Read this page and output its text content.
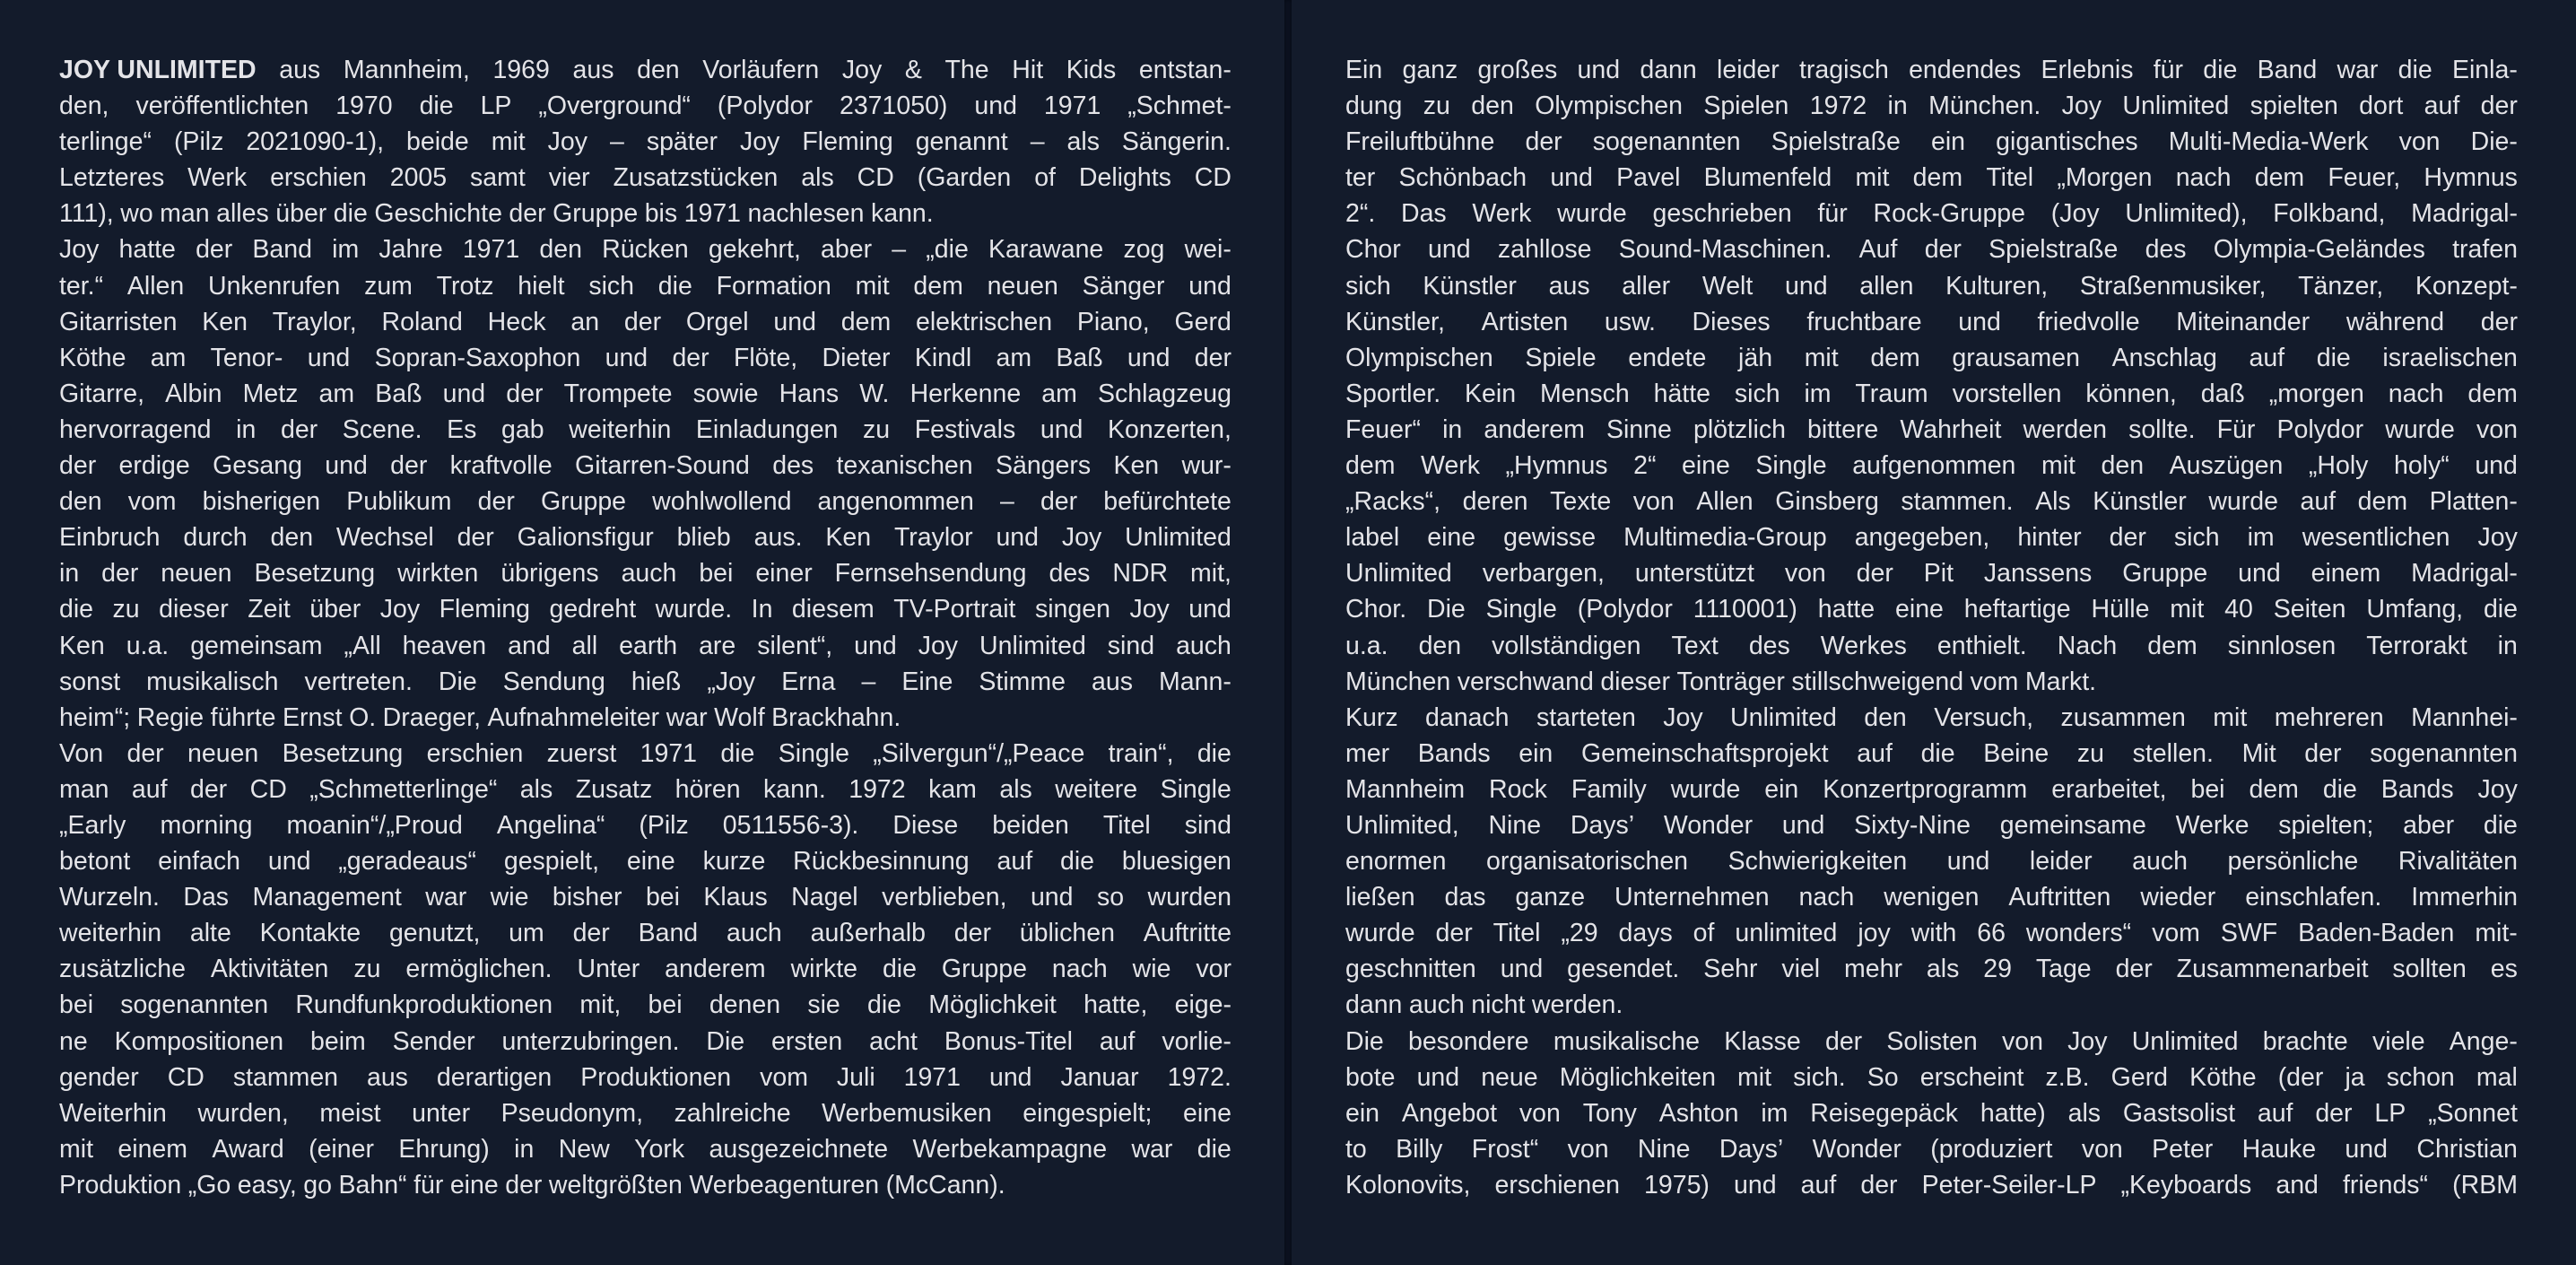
JOY UNLIMITED aus Mannheim, 1969 aus den Vorläufern Joy & The Hit Kids entstan-
den, veröffentlichten 1970 die LP „Overground“ (Polydor 2371050) und 1971 „Schmet-
terlinge“ (Pilz 2021090-1), beide mit Joy – später Joy Fleming genannt – als Sängerin.
Letzteres Werk erschien 2005 samt vier Zusatzstücken als CD (Garden of Delights CD
111), wo man alles über die Geschichte der Gruppe bis 1971 nachlesen kann.
Joy hatte der Band im Jahre 1971 den Rücken gekehrt, aber – „die Karawane zog wei-
ter.“ Allen Unkenrufen zum Trotz hielt sich die Formation mit dem neuen Sänger und
Gitarristen Ken Traylor, Roland Heck an der Orgel und dem elektrischen Piano, Gerd
Köthe am Tenor- und Sopran-Saxophon und der Flöte, Dieter Kindl am Baß und der
Gitarre, Albin Metz am Baß und der Trompete sowie Hans W. Herkenne am Schlagzeug
hervorragend in der Scene. Es gab weiterhin Einladungen zu Festivals und Konzerten,
der erdige Gesang und der kraftvolle Gitarren-Sound des texanischen Sängers Ken wur-
den vom bisherigen Publikum der Gruppe wohlwollend angenommen – der befürchtete
Einbruch durch den Wechsel der Galionsfigur blieb aus. Ken Traylor und Joy Unlimited
in der neuen Besetzung wirkten übrigens auch bei einer Fernsehsendung des NDR mit,
die zu dieser Zeit über Joy Fleming gedreht wurde. In diesem TV-Portrait singen Joy und
Ken u.a. gemeinsam „All heaven and all earth are silent“, und Joy Unlimited sind auch
sonst musikalisch vertreten. Die Sendung hieß „Joy Erna – Eine Stimme aus Mann-
heim“; Regie führte Ernst O. Draeger, Aufnahmeleiter war Wolf Brackhahn.
Von der neuen Besetzung erschien zuerst 1971 die Single „Silvergun“/„Peace train“, die
man auf der CD „Schmetterlinge“ als Zusatz hören kann. 1972 kam als weitere Single
„Early morning moanin“/„Proud Angelina“ (Pilz 0511556-3). Diese beiden Titel sind
betont einfach und „geradeaus“ gespielt, eine kurze Rückbesinnung auf die bluesigen
Wurzeln. Das Management war wie bisher bei Klaus Nagel verblieben, und so wurden
weiterhin alte Kontakte genutzt, um der Band auch außerhalb der üblichen Auftritte
zusätzliche Aktivitäten zu ermöglichen. Unter anderem wirkte die Gruppe nach wie vor
bei sogenannten Rundfunkproduktionen mit, bei denen sie die Möglichkeit hatte, eige-
ne Kompositionen beim Sender unterzubringen. Die ersten acht Bonus-Titel auf vorlie-
gender CD stammen aus derartigen Produktionen vom Juli 1971 und Januar 1972.
Weiterhin wurden, meist unter Pseudonym, zahlreiche Werbemusiken eingespielt; eine
mit einem Award (einer Ehrung) in New York ausgezeichnete Werbekampagne war die
Produktion „Go easy, go Bahn“ für eine der weltgrößten Werbeagenturen (McCann).
Ein ganz großes und dann leider tragisch endendes Erlebnis für die Band war die Einla-
dung zu den Olympischen Spielen 1972 in München. Joy Unlimited spielten dort auf der
Freiluftbühne der sogenannten Spielstraße ein gigantisches Multi-Media-Werk von Die-
ter Schönbach und Pavel Blumenfeld mit dem Titel „Morgen nach dem Feuer, Hymnus
2“. Das Werk wurde geschrieben für Rock-Gruppe (Joy Unlimited), Folkband, Madrigal-
Chor und zahllose Sound-Maschinen. Auf der Spielstraße des Olympia-Geländes trafen
sich Künstler aus aller Welt und allen Kulturen, Straßenmusiker, Tänzer, Konzept-
Künstler, Artisten usw. Dieses fruchtbare und friedvolle Miteinander während der
Olympischen Spiele endete jäh mit dem grausamen Anschlag auf die israelischen
Sportler. Kein Mensch hätte sich im Traum vorstellen können, daß „morgen nach dem
Feuer“ in anderem Sinne plötzlich bittere Wahrheit werden sollte. Für Polydor wurde von
dem Werk „Hymnus 2“ eine Single aufgenommen mit den Auszügen „Holy holy“ und
„Racks“, deren Texte von Allen Ginsberg stammen. Als Künstler wurde auf dem Platten-
label eine gewisse Multimedia-Group angegeben, hinter der sich im wesentlichen Joy
Unlimited verbargen, unterstützt von der Pit Janssens Gruppe und einem Madrigal-
Chor. Die Single (Polydor 1110001) hatte eine heftartige Hülle mit 40 Seiten Umfang, die
u.a. den vollständigen Text des Werkes enthielt. Nach dem sinnlosen Terrorakt in
München verschwand dieser Tonträger stillschweigend vom Markt.
Kurz danach starteten Joy Unlimited den Versuch, zusammen mit mehreren Mannhei-
mer Bands ein Gemeinschaftsprojekt auf die Beine zu stellen. Mit der sogenannten
Mannheim Rock Family wurde ein Konzertprogramm erarbeitet, bei dem die Bands Joy
Unlimited, Nine Days’ Wonder und Sixty-Nine gemeinsame Werke spielten; aber die
enormen organisatorischen Schwierigkeiten und leider auch persönliche Rivalitäten
ließen das ganze Unternehmen nach wenigen Auftritten wieder einschlafen. Immerhin
wurde der Titel „29 days of unlimited joy with 66 wonders“ vom SWF Baden-Baden mit-
geschnitten und gesendet. Sehr viel mehr als 29 Tage der Zusammenarbeit sollten es
dann auch nicht werden.
Die besondere musikalische Klasse der Solisten von Joy Unlimited brachte viele Ange-
bote und neue Möglichkeiten mit sich. So erscheint z.B. Gerd Köthe (der ja schon mal
ein Angebot von Tony Ashton im Reisegepäck hatte) als Gastsolist auf der LP „Sonnet
to Billy Frost“ von Nine Days’ Wonder (produziert von Peter Hauke und Christian
Kolonovits, erschienen 1975) und auf der Peter-Seiler-LP „Keyboards and friends“ (RBM
